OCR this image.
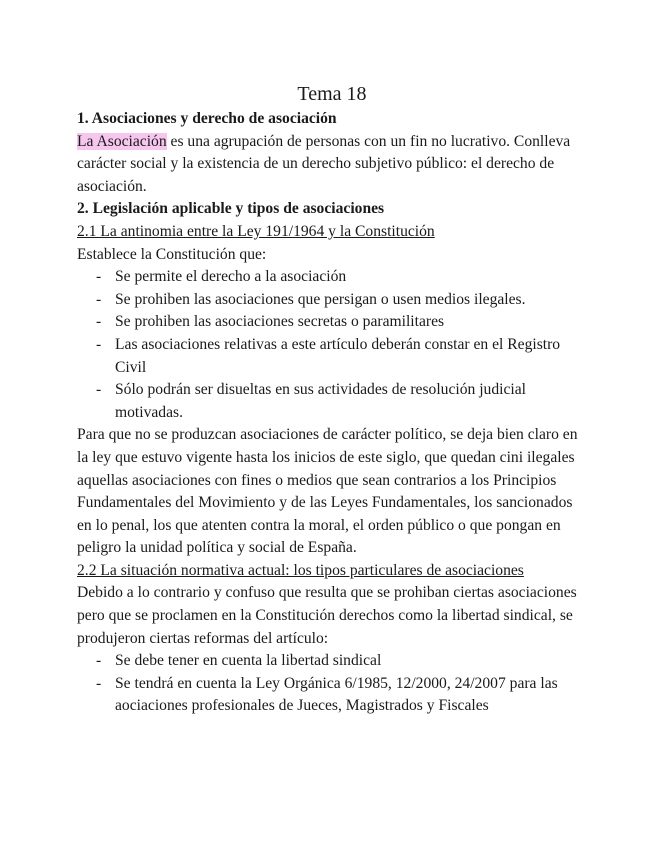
Tema 18
1. Asociaciones y derecho de asociación

La Asociación es una agrupación de personas con un fin no lucrativo. Conlleva carácter social y la existencia de un derecho subjetivo público: el derecho de asociación.

2. Legislación aplicable y tipos de asociaciones
2.1 La antinomia entre la Ley 191/1964 y la Constitución

Establece la Constitución que:

- Se permite el derecho a la asociación
- Se prohiben las asociaciones que persigan o usen medios ilegales.
- Se prohiben las asociaciones secretas o paramilitares
- Las asociaciones relativas a este artículo deberán constar en el Registro Civil
- Sólo podrán ser disueltas en sus actividades de resolución judicial motivadas.

Para que no se produzcan asociaciones de carácter político, se deja bien claro en la ley que estuvo vigente hasta los inicios de este siglo, que quedan cini ilegales aquellas asociaciones con fines o medios que sean contrarios a los Principios Fundamentales del Movimiento y de las Leyes Fundamentales, los sancionados en lo penal, los que atenten contra la moral, el orden público o que pongan en peligro la unidad política y social de España.

2.2 La situación normativa actual: los tipos particulares de asociaciones

Debido a lo contrario y confuso que resulta que se prohiban ciertas asociaciones pero que se proclamen en la Constitución derechos como la libertad sindical, se produjeron ciertas reformas del artículo:

- Se debe tener en cuenta la libertad sindical
- Se tendrá en cuenta la Ley Orgánica 6/1985, 12/2000, 24/2007 para las aociaciones profesionales de Jueces, Magistrados y Fiscales
